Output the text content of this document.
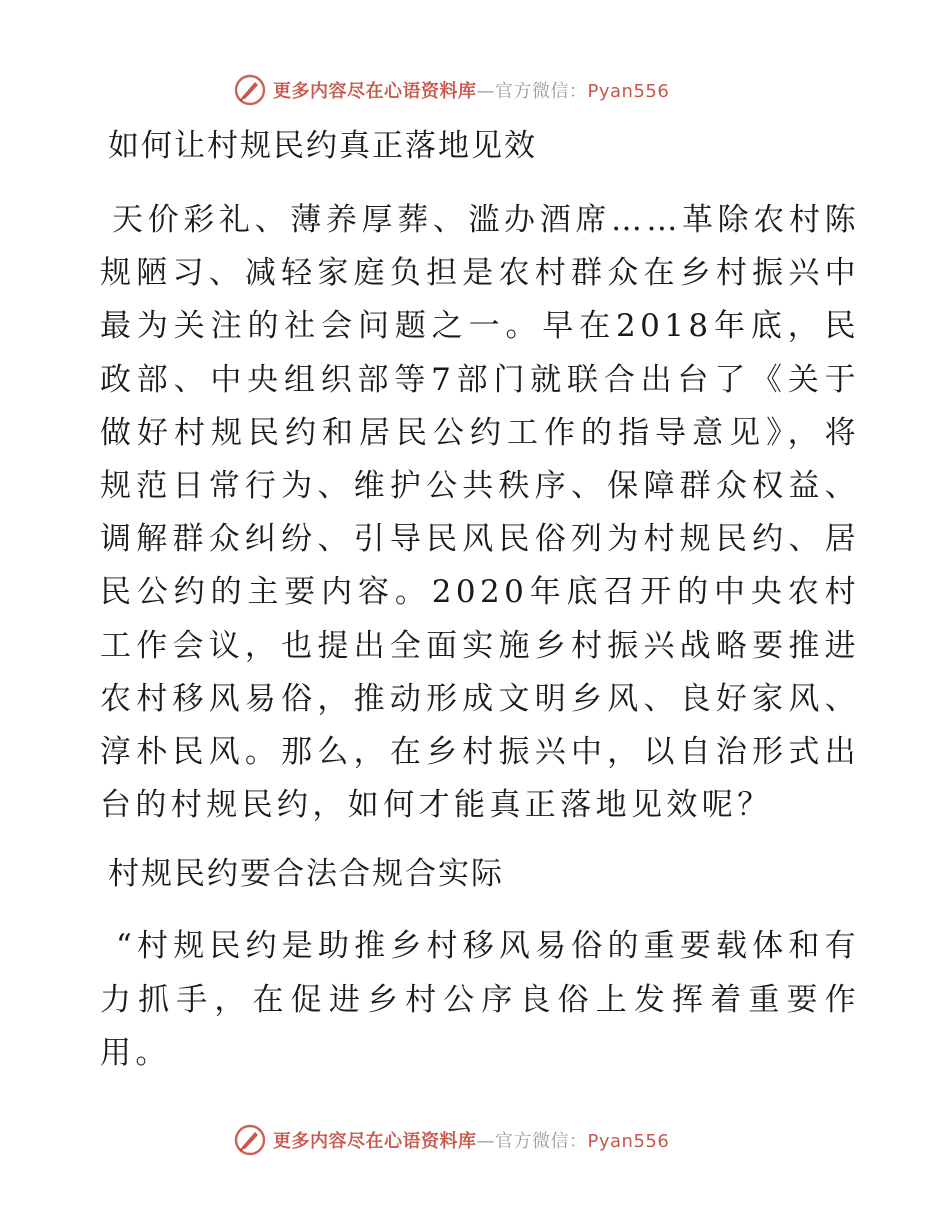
更多内容尽在心语资料库—官方微信：Pyan556
如何让村规民约真正落地见效

天价彩礼、薄养厚葬、滥办酒席……革除农村陈规陋习、减轻家庭负担是农村群众在乡村振兴中最为关注的社会问题之一。早在2018年底，民政部、中央组织部等7部门就联合出台了《关于做好村规民约和居民公约工作的指导意见》，将规范日常行为、维护公共秩序、保障群众权益、调解群众纠纷、引导民风民俗列为村规民约、居民公约的主要内容。2020年底召开的中央农村工作会议，也提出全面实施乡村振兴战略要推进农村移风易俗，推动形成文明乡风、良好家风、淳朴民风。那么，在乡村振兴中，以自治形式出台的村规民约，如何才能真正落地见效呢？

村规民约要合法合规合实际

“村规民约是助推乡村移风易俗的重要载体和有力抓手，在促进乡村公序良俗上发挥着重要作用。

更多内容尽在心语资料库—官方微信：Pyan556
